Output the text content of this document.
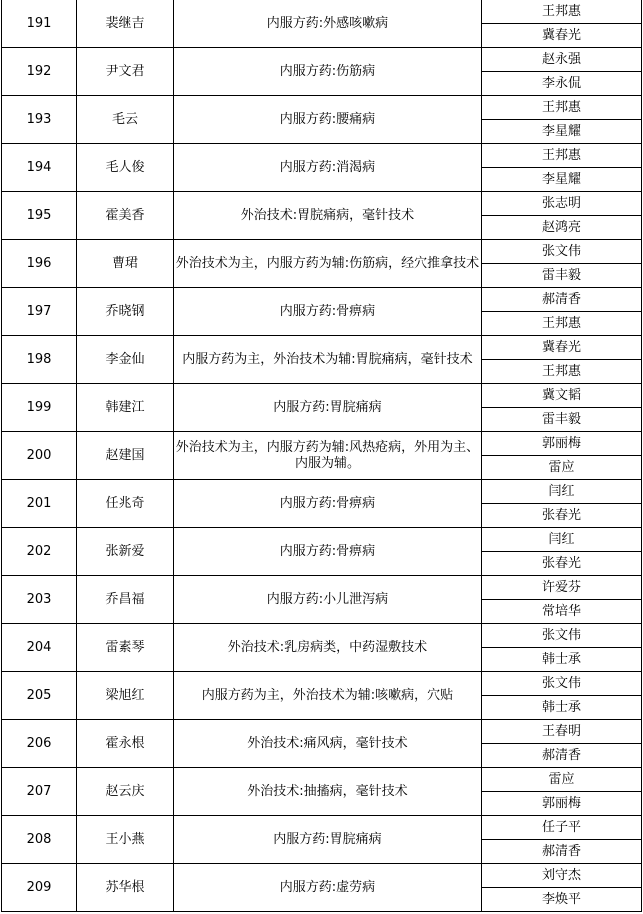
191	裴继吉	内服方药:外感咳嗽病	王邦惠
			冀春光
192	尹文君	内服方药:伤筋病	赵永强
			李永侃
193	毛云	内服方药:腰痛病	王邦惠
			李星耀
194	毛人俊	内服方药:消渴病	王邦惠
			李星耀
195	霍美香	外治技术:胃脘痛病，毫针技术	张志明
			赵鸿亮
196	曹珺	外治技术为主，内服方药为辅:伤筋病，经穴推拿技术	张文伟
			雷丰毅
197	乔晓钢	内服方药:骨痹病	郝清香
			王邦惠
198	李金仙	内服方药为主，外治技术为辅:胃脘痛病，毫针技术	冀春光
			王邦惠
199	韩建江	内服方药:胃脘痛病	冀文韬
			雷丰毅
200	赵建国	外治技术为主，内服方药为辅:风热疮病，外用为主、内服为辅。	郭丽梅
			雷应
201	任兆奇	内服方药:骨痹病	闫红
			张春光
202	张新爱	内服方药:骨痹病	闫红
			张春光
203	乔昌福	内服方药:小儿泄泻病	许爱芬
			常培华
204	雷素琴	外治技术:乳房病类，中药湿敷技术	张文伟
			韩士承
205	梁旭红	内服方药为主，外治技术为辅:咳嗽病，穴贴	张文伟
			韩士承
206	霍永根	外治技术:痛风病，毫针技术	王春明
			郝清香
207	赵云庆	外治技术:抽搐病，毫针技术	雷应
			郭丽梅
208	王小燕	内服方药:胃脘痛病	任子平
			郝清香
209	苏华根	内服方药:虚劳病	刘守杰
			李焕平
